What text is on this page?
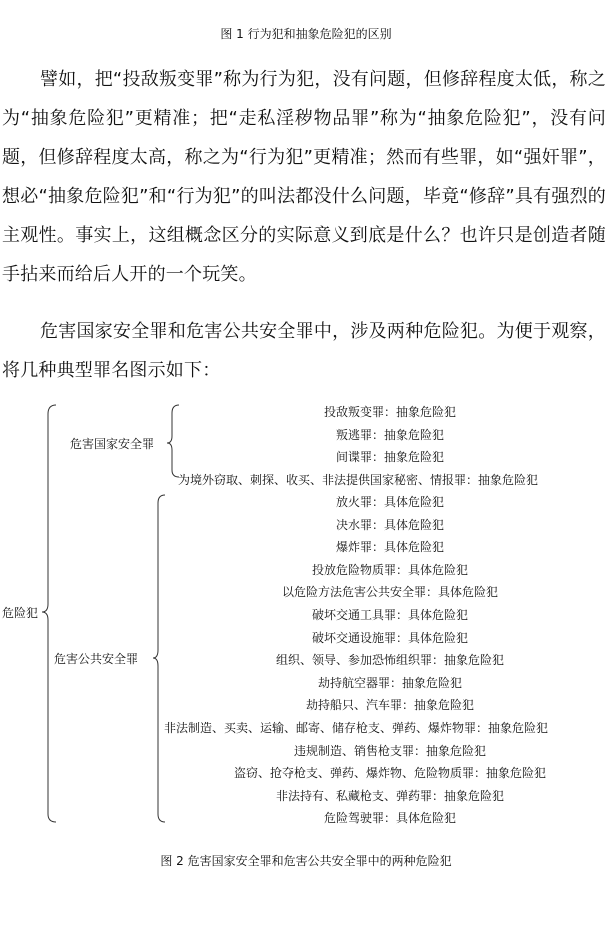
图 1 行为犯和抽象危险犯的区别

譬如，把“投敌叛变罪”称为行为犯，没有问题，但修辞程度太低，称之为“抽象危险犯”更精准；把“走私淫秽物品罪”称为“抽象危险犯”，没有问题，但修辞程度太高，称之为“行为犯”更精准；然而有些罪，如“强奸罪”，想必“抽象危险犯”和“行为犯”的叫法都没什么问题，毕竟“修辞”具有强烈的主观性。事实上，这组概念区分的实际意义到底是什么？也许只是创造者随手拈来而给后人开的一个玩笑。

危害国家安全罪和危害公共安全罪中，涉及两种危险犯。为便于观察，将几种典型罪名图示如下：

危险犯
危害国家安全罪
危害公共安全罪
投敌叛变罪：抽象危险犯
叛逃罪：抽象危险犯
间谍罪：抽象危险犯
为境外窃取、刺探、收买、非法提供国家秘密、情报罪：抽象危险犯
放火罪：具体危险犯
决水罪：具体危险犯
爆炸罪：具体危险犯
投放危险物质罪：具体危险犯
以危险方法危害公共安全罪：具体危险犯
破坏交通工具罪：具体危险犯
破坏交通设施罪：具体危险犯
组织、领导、参加恐怖组织罪：抽象危险犯
劫持航空器罪：抽象危险犯
劫持船只、汽车罪：抽象危险犯
非法制造、买卖、运输、邮寄、储存枪支、弹药、爆炸物罪：抽象危险犯
违规制造、销售枪支罪：抽象危险犯
盗窃、抢夺枪支、弹药、爆炸物、危险物质罪：抽象危险犯
非法持有、私藏枪支、弹药罪：抽象危险犯
危险驾驶罪：具体危险犯
图 2 危害国家安全罪和危害公共安全罪中的两种危险犯
